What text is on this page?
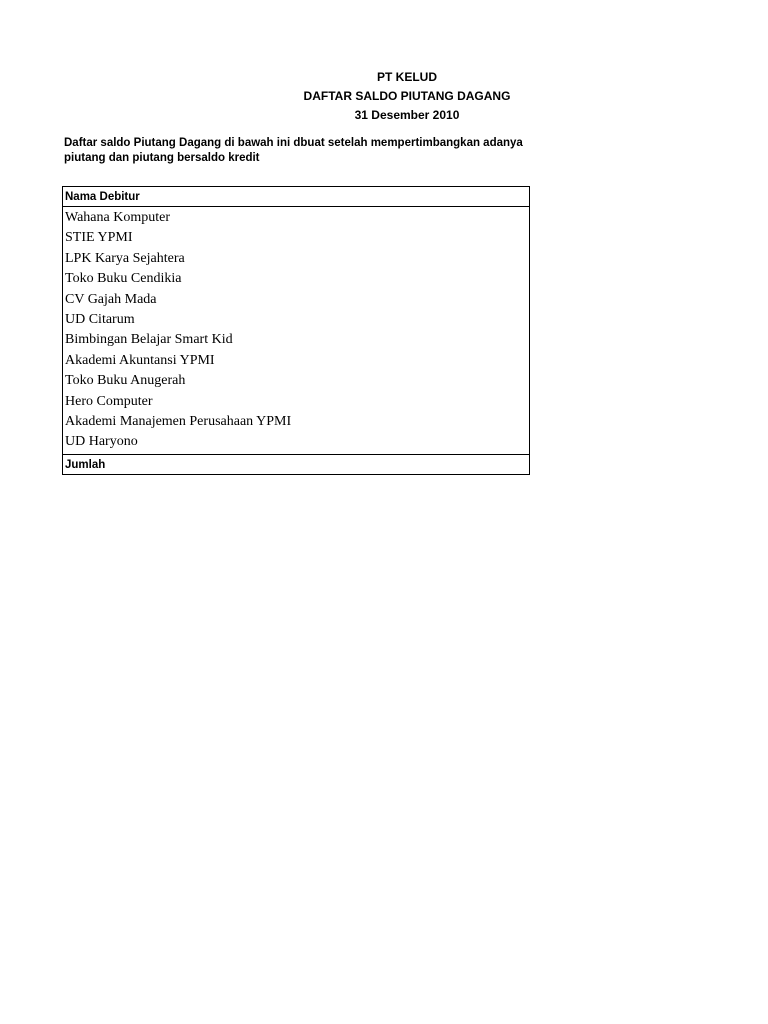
PT KELUD
DAFTAR SALDO PIUTANG DAGANG
31 Desember 2010
Daftar saldo Piutang Dagang di bawah ini dbuat setelah mempertimbangkan adanya
piutang dan piutang bersaldo kredit
Nama Debitur
Wahana Komputer
STIE YPMI
LPK Karya Sejahtera
Toko Buku Cendikia
CV Gajah Mada
UD Citarum
Bimbingan Belajar Smart Kid
Akademi Akuntansi YPMI
Toko Buku Anugerah
Hero Computer
Akademi Manajemen Perusahaan YPMI
UD Haryono
Jumlah
